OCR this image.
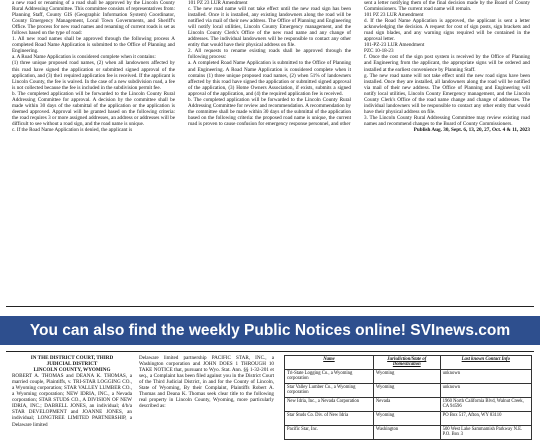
a new road or renaming of a road shall be approved by the Lincoln County Rural Addressing Committee. This committee consists of representatives from: Planning Staff, County GIS (Geographic Information System) Coordinator, County Emergency Management, Local Town Governments, and Sheriff's Office. The process for new road names and renaming of current roads is set as follows based on the type of road:

1. All new road names shall be approved through the following process A completed Road Name Application is submitted to the Office of Planning and Engineering.

a. A Road Name Application is considered complete when it contains:

(1) three unique proposed road names, (2) when all landowners affected by this road have signed the application or submitted signed approval of the application, and (3) the1 required application fee is received. If the applicant is Lincoln County, the fee is waived. In the case of a new subdivision road, a fee is not collected because the fee is included in the subdivision permit fee.

b. The completed application will be forwarded to the Lincoln County Rural Addressing Committee for approval. A decision by the committee shall be made within 30 days of the submittal of the application or the application is deemed approved. Approval will be granted based on the following criteria: the road requires 3 or more assigned addresses, an address or addresses will be difficult to see without a road sign, and the road name is unique.

c. If the Road Name Application is denied, the applicant is

101 PZ 23 LUR Amendment

c. The new road name will not take effect until the new road sign has been installed. Once it is installed, any existing landowners along the road will be notified via mail of their new address. The Office of Planning and Engineering will notify local utilities, Lincoln County Emergency management, and the Lincoln County Clerk's Office of the new road name and any change of addresses. The individual landowners will be responsible to contact any other entity that would have their physical address on file.

2. All requests to rename existing roads shall be approved through the following process:

a. A completed Road Name Application is submitted to the Office of Planning and Engineering. A Road Name Application is considered complete when it contains (1) three unique proposed road names, (2) when 51% of landowners affected by this road have signed the application or submitted signed approval of the application, (3) Home Owners Association, if exists, submits a signed approval of the application, and (4) the required application fee is received.

b. The completed application will be forwarded to the Lincoln County Rural Addressing Committee for review and recommendation. A recommendation by the committee shall be made within 30 days of the submittal of the application based on the following criteria: the proposed road name is unique, the current road is proven to cause confusion for emergency response personnel, and other

sent a letter notifying them of the final decision made by the Board of County Commissioners. The current road name will remain.

101 PZ 23 LUR Amendment

d. If the Road Name Application is approved, the applicant is sent a letter acknowledging the decision. A request for cost of sign posts, sign brackets and road sign blades, and any warning signs required will be contained in the approval letter.

101-PZ-23 LUR Amendment

PZC 10-18-23

f. Once the cost of the sign post system is received by the Office of Planning and Engineering from the applicant, the appropriate signs will be ordered and installed at the earliest convenience by Planning Staff.

g. The new road name will not take effect until the new road signs have been installed. Once they are installed, all landowners along the road will be notified via mail of their new address. The Office of Planning and Engineering will notify local utilities, Lincoln County Emergency management, and the Lincoln County Clerk's Office of the road name change and change of addresses. The individual landowners will be responsible to contact any other entity that would have their physical address on file.

3. The Lincoln County Rural Addressing Committee may review existing road names and recommend changes to the Board of County Commissioners.

Publish Aug. 30, Sept. 6, 13, 20, 27, Oct. 4 & 11, 2023

You can also find the weekly Public Notices online! SVInews.com
IN THE DISTRICT COURT, THIRD
JUDICIAL DISTRICT
LINCOLN COUNTY, WYOMING
ROBERT A. THOMAS and DEANA K. THOMAS, a married couple, Plaintiffs, v. TRI-STAR LOGGING CO., a Wyoming corporation; STAR VALLEY LUMBER CO., a Wyoming corporation; NEW IDRIA, INC., a Nevada corporation; STAR STUDS CO., A DIVISION OF NEW IDRIA, INC.; DABRELL JONES, an individual; d/b/a STAR DEVELOPMENT and JOANNE JONES, an individual; LONGTREE LIMITED PARTNERSHIP, a Delaware limited
Delaware limited partnership PACIFIC STAR, INC., a Washington corporation and JOHN DOES 1 THROUGH 10 TAKE NOTICE that, pursuant to Wyo. Stat. Ann. §§ 1-32-201 et seq., a Complaint has been filed against you in the District Court of the Third Judicial District, in and for the County of Lincoln, State of Wyoming, By their Complaint, Plaintiffs Robert A. Thomas and Deana K. Thomas seek clear title to the following real property in Lincoln County, Wyoming, more particularly described as:
Name	Jurisdiction/State of Domestication	Last known Contact Info
Tri-State Logging Co., a Wyoming corporation	Wyoming	unknown
Star Valley Lumber Co., a Wyoming corporation	Wyoming	unknown
New Idria, Inc., a Nevada Corporation	Nevada	1960 North California Blvd, Walnut Creek, CA 94596
Star Studs Co. Div. of New Idria	Wyoming	PO Box 517, Afton, WY 83110
Pacific Star, Inc.	Washington	500 West Lake Sammamish Parkway N.E. P.O. Box 3
